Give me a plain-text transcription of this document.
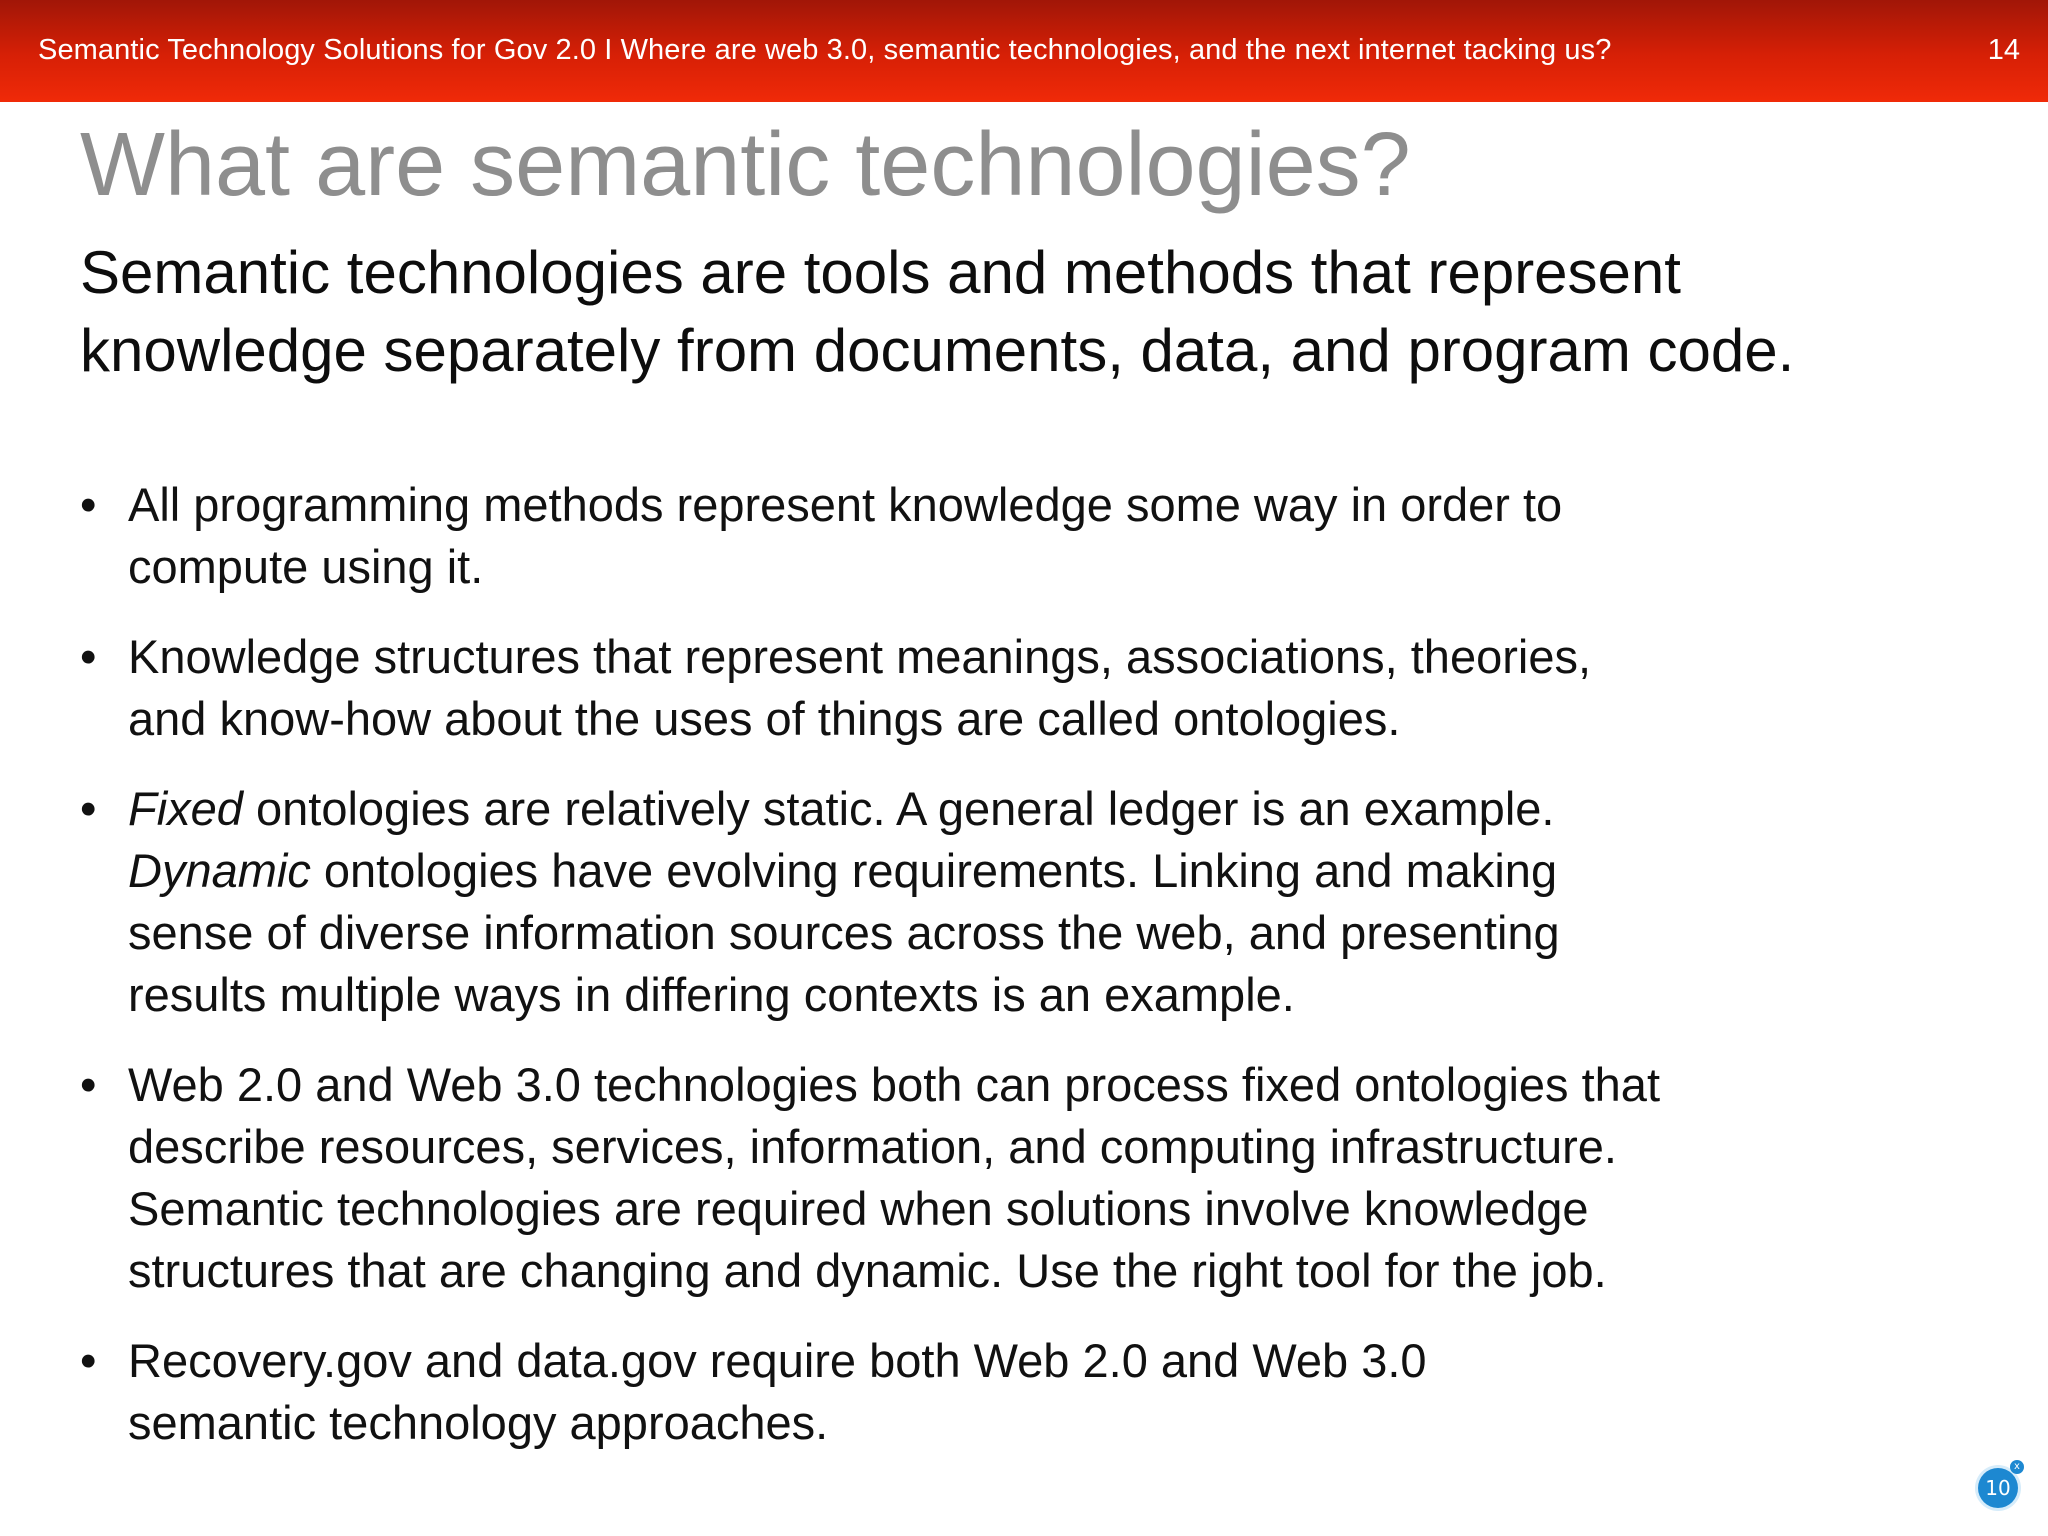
Semantic Technology Solutions for Gov 2.0 I Where are web 3.0, semantic technologies, and the next internet tacking us?	14
What are semantic technologies?

Semantic technologies are tools and methods that represent
knowledge separately from documents, data, and program code.

• All programming methods represent knowledge some way in order to
compute using it.
• Knowledge structures that represent meanings, associations, theories,
and know-how about the uses of things are called ontologies.
• Fixed ontologies are relatively static. A general ledger is an example.
Dynamic ontologies have evolving requirements. Linking and making
sense of diverse information sources across the web, and presenting
results multiple ways in differing contexts is an example.
• Web 2.0 and Web 3.0 technologies both can process fixed ontologies that
describe resources, services, information, and computing infrastructure.
Semantic technologies are required when solutions involve knowledge
structures that are changing and dynamic. Use the right tool for the job.
• Recovery.gov and data.gov require both Web 2.0 and Web 3.0
semantic technology approaches.
10
x
